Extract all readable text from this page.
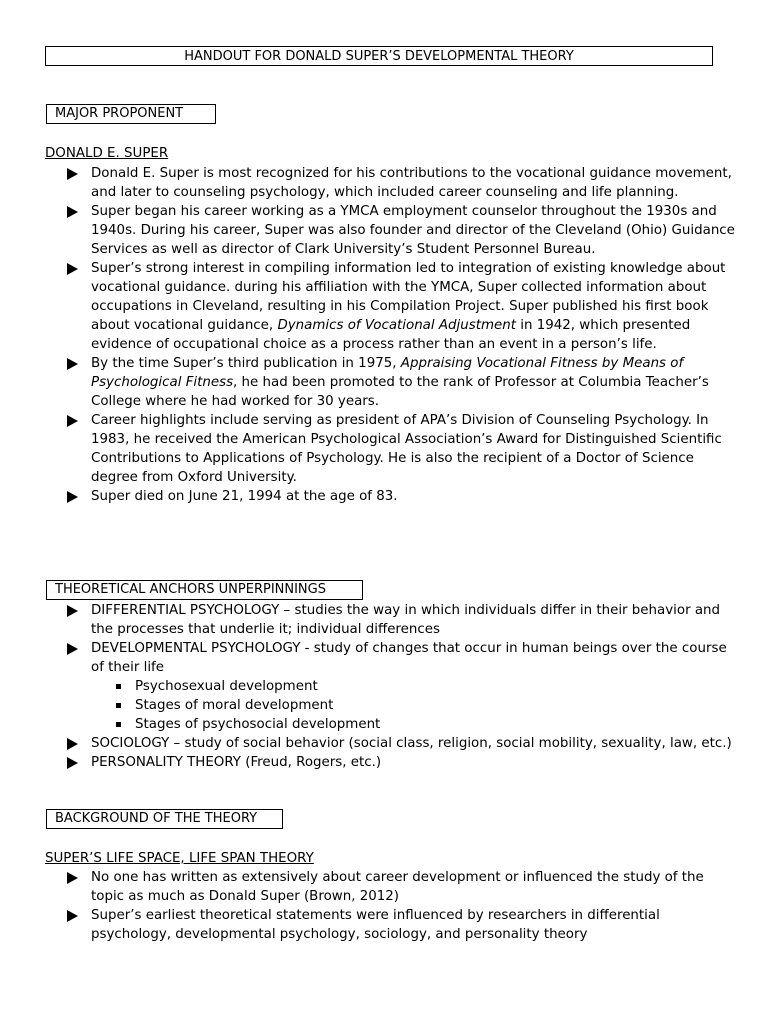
HANDOUT FOR DONALD SUPER’S DEVELOPMENTAL THEORY
MAJOR PROPONENT
DONALD E. SUPER
Donald E. Super is most recognized for his contributions to the vocational guidance movement, and later to counseling psychology, which included career counseling and life planning.
Super began his career working as a YMCA employment counselor throughout the 1930s and 1940s. During his career, Super was also founder and director of the Cleveland (Ohio) Guidance Services as well as director of Clark University’s Student Personnel Bureau.
Super’s strong interest in compiling information led to integration of existing knowledge about vocational guidance. during his affiliation with the YMCA, Super collected information about occupations in Cleveland, resulting in his Compilation Project. Super published his first book about vocational guidance, Dynamics of Vocational Adjustment in 1942, which presented evidence of occupational choice as a process rather than an event in a person’s life.
By the time Super’s third publication in 1975, Appraising Vocational Fitness by Means of Psychological Fitness, he had been promoted to the rank of Professor at Columbia Teacher’s College where he had worked for 30 years.
Career highlights include serving as president of APA’s Division of Counseling Psychology. In 1983, he received the American Psychological Association’s Award for Distinguished Scientific Contributions to Applications of Psychology. He is also the recipient of a Doctor of Science degree from Oxford University.
Super died on June 21, 1994 at the age of 83.
THEORETICAL ANCHORS UNPERPINNINGS
DIFFERENTIAL PSYCHOLOGY – studies the way in which individuals differ in their behavior and the processes that underlie it; individual differences
DEVELOPMENTAL PSYCHOLOGY - study of changes that occur in human beings over the course of their life
Psychosexual development
Stages of moral development
Stages of psychosocial development
SOCIOLOGY – study of social behavior (social class, religion, social mobility, sexuality, law, etc.)
PERSONALITY THEORY (Freud, Rogers, etc.)
BACKGROUND OF THE THEORY
SUPER’S LIFE SPACE, LIFE SPAN THEORY
No one has written as extensively about career development or influenced the study of the topic as much as Donald Super (Brown, 2012)
Super’s earliest theoretical statements were influenced by researchers in differential psychology, developmental psychology, sociology, and personality theory
